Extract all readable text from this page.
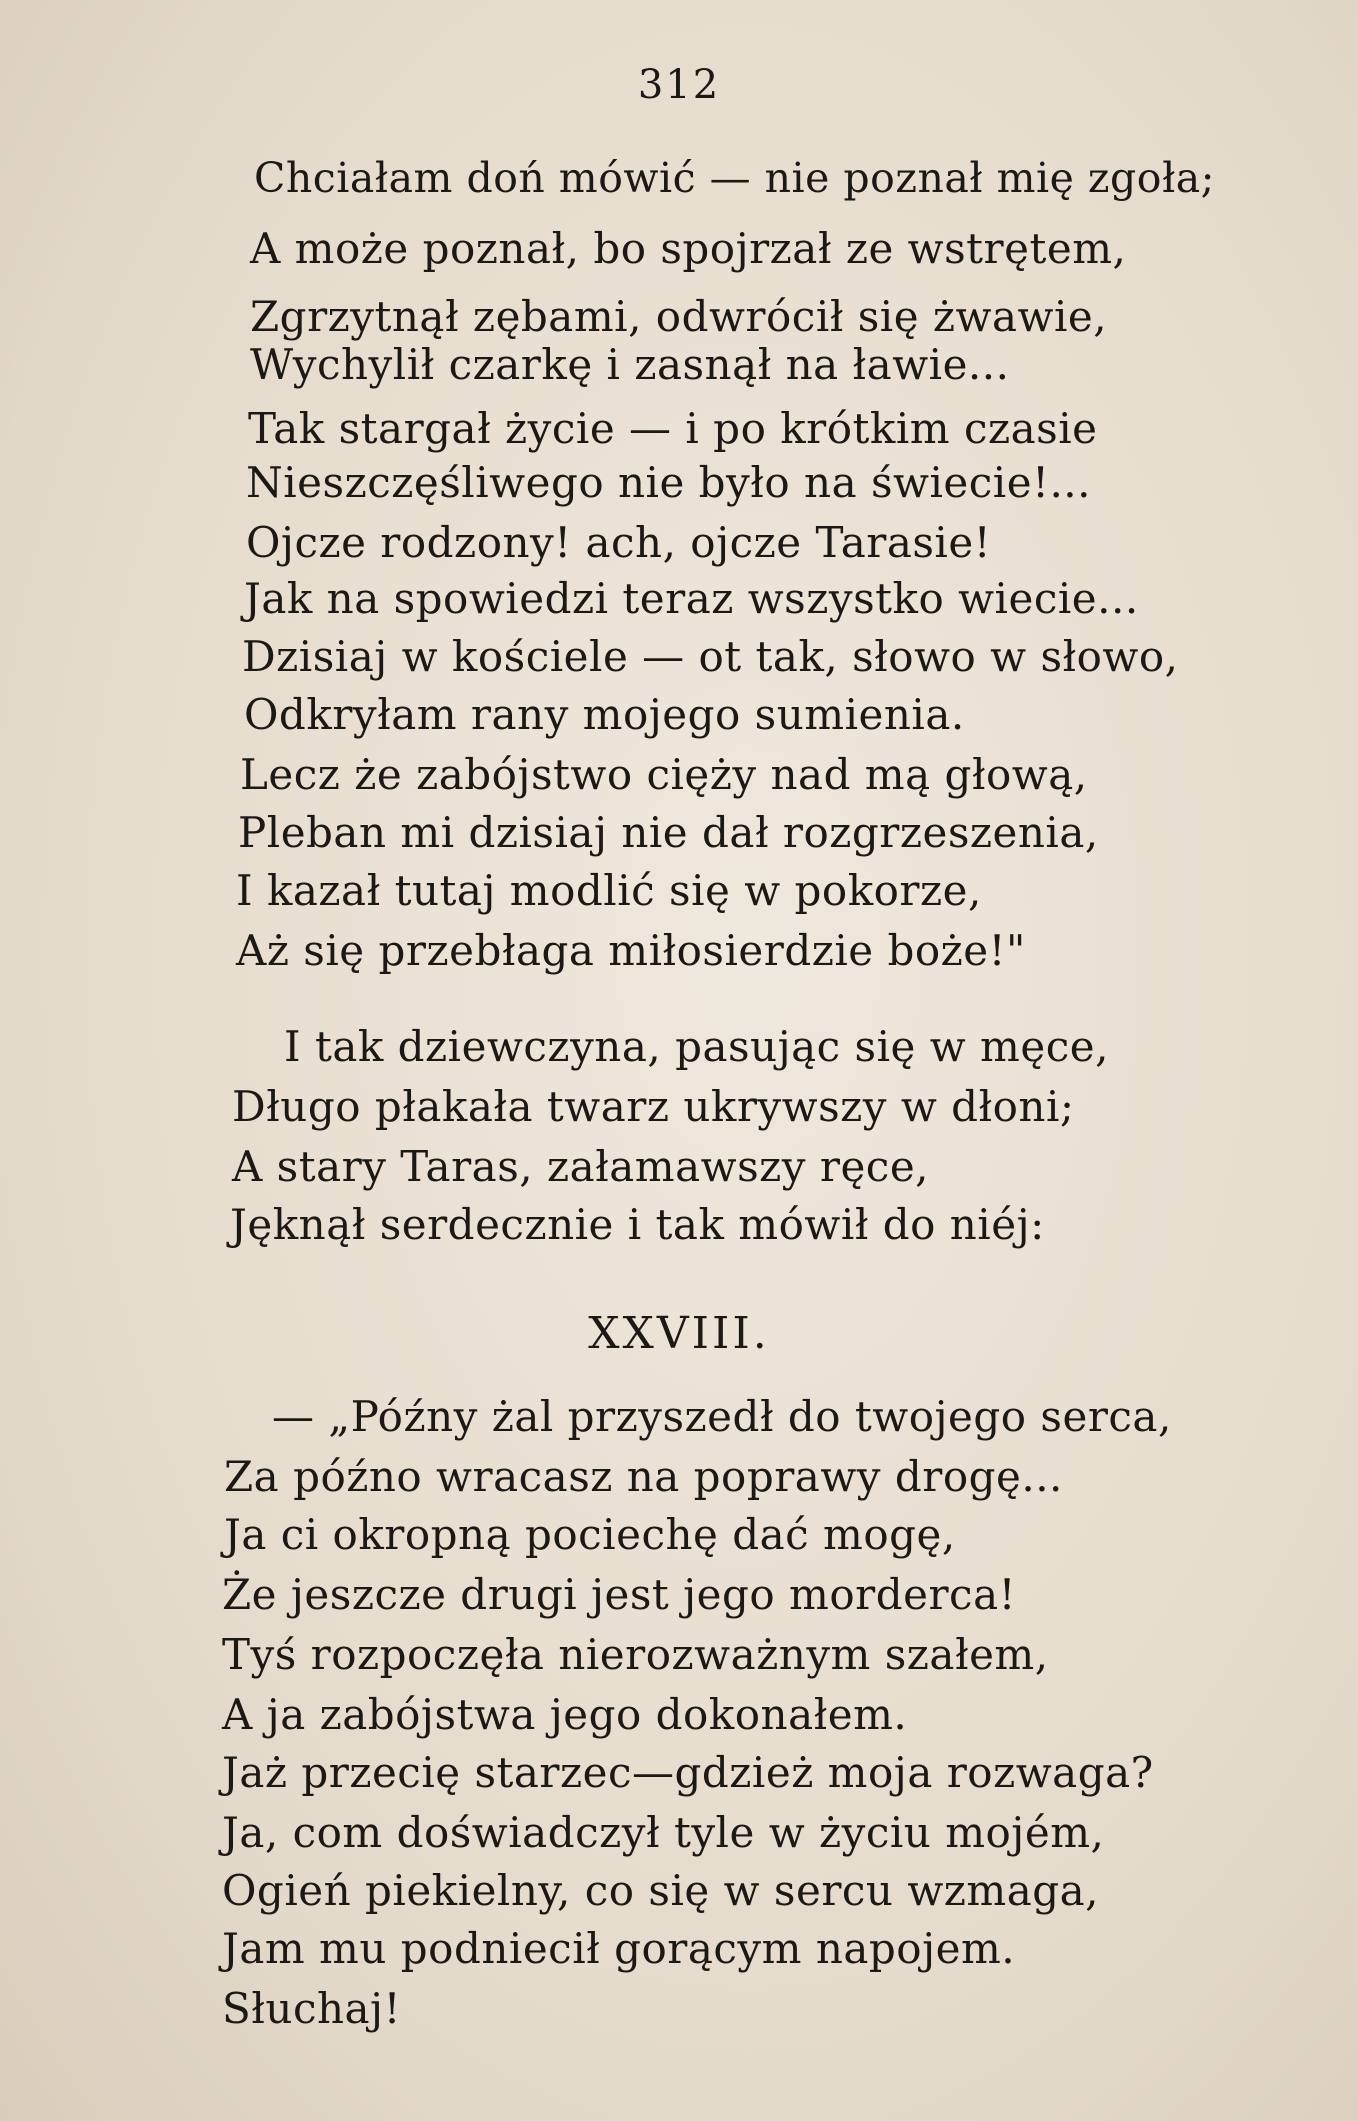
312
Chciałam doń mówić — nie poznał mię zgoła;
A może poznał, bo spojrzał ze wstrętem,
Zgrzytnął zębami, odwrócił się żwawie,
Wychylił czarkę i zasnął na ławie...
Tak stargał życie — i po krótkim czasie
Nieszczęśliwego nie było na świecie!...
Ojcze rodzony! ach, ojcze Tarasie!
Jak na spowiedzi teraz wszystko wiecie...
Dzisiaj w kościele — ot tak, słowo w słowo,
Odkryłam rany mojego sumienia.
Lecz że zabójstwo cięży nad mą głową,
Pleban mi dzisiaj nie dał rozgrzeszenia,
I kazał tutaj modlić się w pokorze,
Aż się przebłaga miłosierdzie boże!"
I tak dziewczyna, pasując się w męce,
Długo płakała twarz ukrywszy w dłoni;
A stary Taras, załamawszy ręce,
Jęknął serdecznie i tak mówił do niéj:
XXVIII.
— „Późny żal przyszedł do twojego serca,
Za późno wracasz na poprawy drogę...
Ja ci okropną pociechę dać mogę,
Że jeszcze drugi jest jego morderca!
Tyś rozpoczęła nierozważnym szałem,
A ja zabójstwa jego dokonałem.
Jaż przecię starzec—gdzież moja rozwaga?
Ja, com doświadczył tyle w życiu mojém,
Ogień piekielny, co się w sercu wzmaga,
Jam mu podniecił gorącym napojem.
Słuchaj!
